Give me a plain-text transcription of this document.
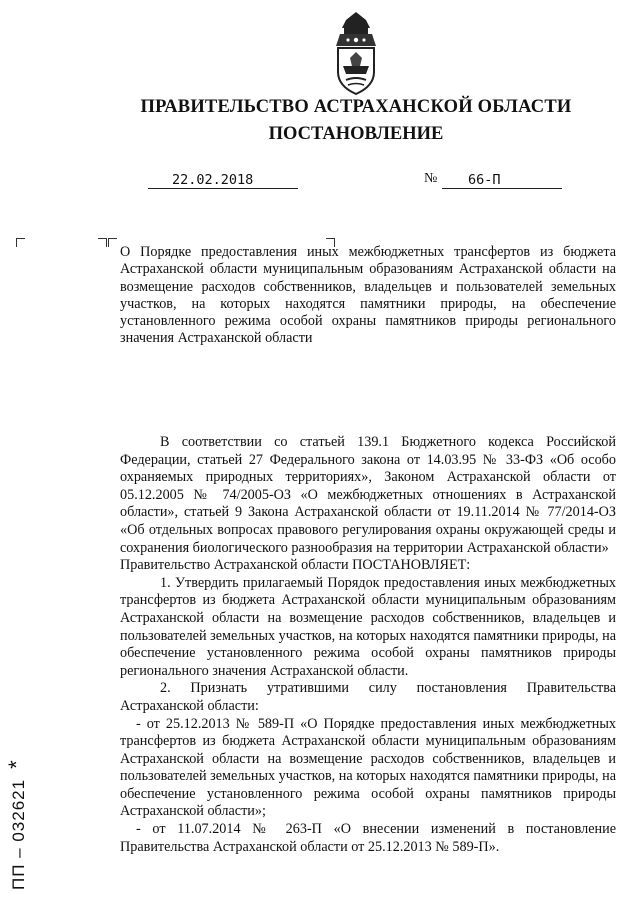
ПРАВИТЕЛЬСТВО АСТРАХАНСКОЙ ОБЛАСТИ
ПОСТАНОВЛЕНИЕ
22.02.2018	№ 66-П

О Порядке предоставления иных межбюджетных трансфертов из бюджета Астраханской области муниципальным образованиям Астраханской области на возмещение расходов собственников, владельцев и пользователей земельных участков, на которых находятся памятники природы, на обеспечение установленного режима особой охраны памятников природы регионального значения Астраханской области

В соответствии со статьей 139.1 Бюджетного кодекса Российской Федерации, статьей 27 Федерального закона от 14.03.95 № 33-ФЗ «Об особо охраняемых природных территориях», Законом Астраханской области от 05.12.2005 № 74/2005-ОЗ «О межбюджетных отношениях в Астраханской области», статьей 9 Закона Астраханской области от 19.11.2014 № 77/2014-ОЗ «Об отдельных вопросах правового регулирования охраны окружающей среды и сохранения биологического разнообразия на территории Астраханской области»

Правительство Астраханской области ПОСТАНОВЛЯЕТ:

1. Утвердить прилагаемый Порядок предоставления иных межбюджетных трансфертов из бюджета Астраханской области муниципальным образованиям Астраханской области на возмещение расходов собственников, владельцев и пользователей земельных участков, на которых находятся памятники природы, на обеспечение установленного режима особой охраны памятников природы регионального значения Астраханской области.

2. Признать утратившими силу постановления Правительства Астраханской области:

- от 25.12.2013 № 589-П «О Порядке предоставления иных межбюджетных трансфертов из бюджета Астраханской области муниципальным образованиям Астраханской области на возмещение расходов собственников, владельцев и пользователей земельных участков, на которых находятся памятники природы, на обеспечение установленного режима особой охраны памятников природы Астраханской области»;

- от 11.07.2014 № 263-П «О внесении изменений в постановление Правительства Астраханской области от 25.12.2013 № 589-П».

ПП – 032621*
